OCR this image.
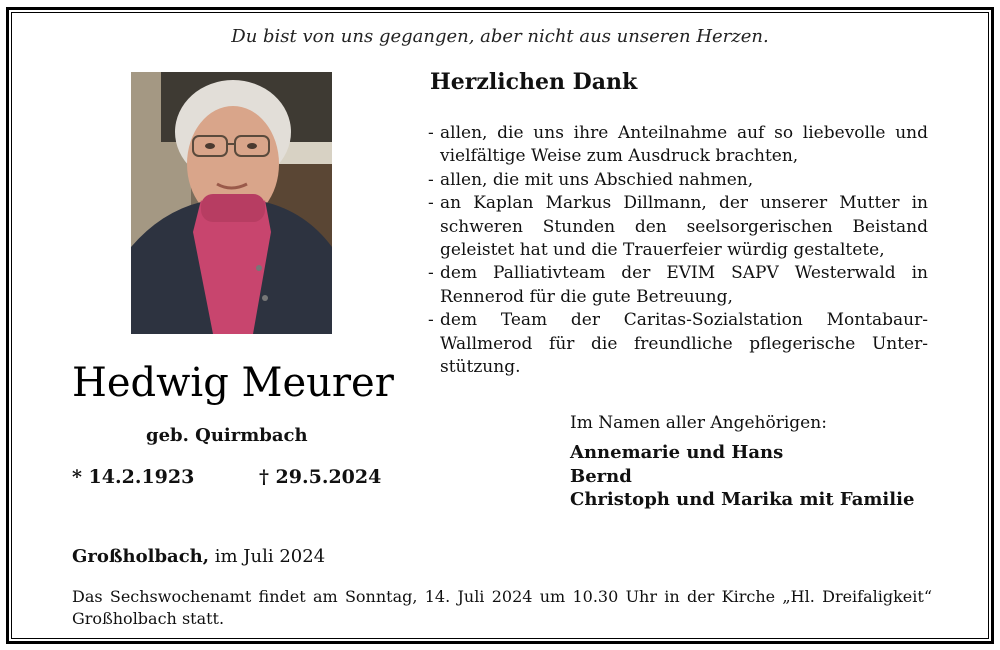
Du bist von uns gegangen, aber nicht aus unseren Herzen.
Hedwig Meurer
geb. Quirmbach
* 14.2.1923	† 29.5.2024
Herzlichen Dank
- allen, die uns ihre Anteilnahme auf so liebevolle und vielfältige Weise zum Ausdruck brachten,
- allen, die mit uns Abschied nahmen,
- an Kaplan Markus Dillmann, der unserer Mutter in schweren Stunden den seelsorgerischen Beistand geleistet hat und die Trauerfeier würdig gestaltete,
- dem Palliativteam der EVIM SAPV Westerwald in Rennerod für die gute Betreuung,
- dem Team der Caritas-Sozialstation Montabaur-Wallmerod für die freundliche pflegerische Unterstützung.
Im Namen aller Angehörigen:
Annemarie und Hans
Bernd
Christoph und Marika mit Familie
Großholbach, im Juli 2024
Das Sechswochenamt findet am Sonntag, 14. Juli 2024 um 10.30 Uhr in der Kirche „Hl. Dreifaligkeit“ Großholbach statt.
